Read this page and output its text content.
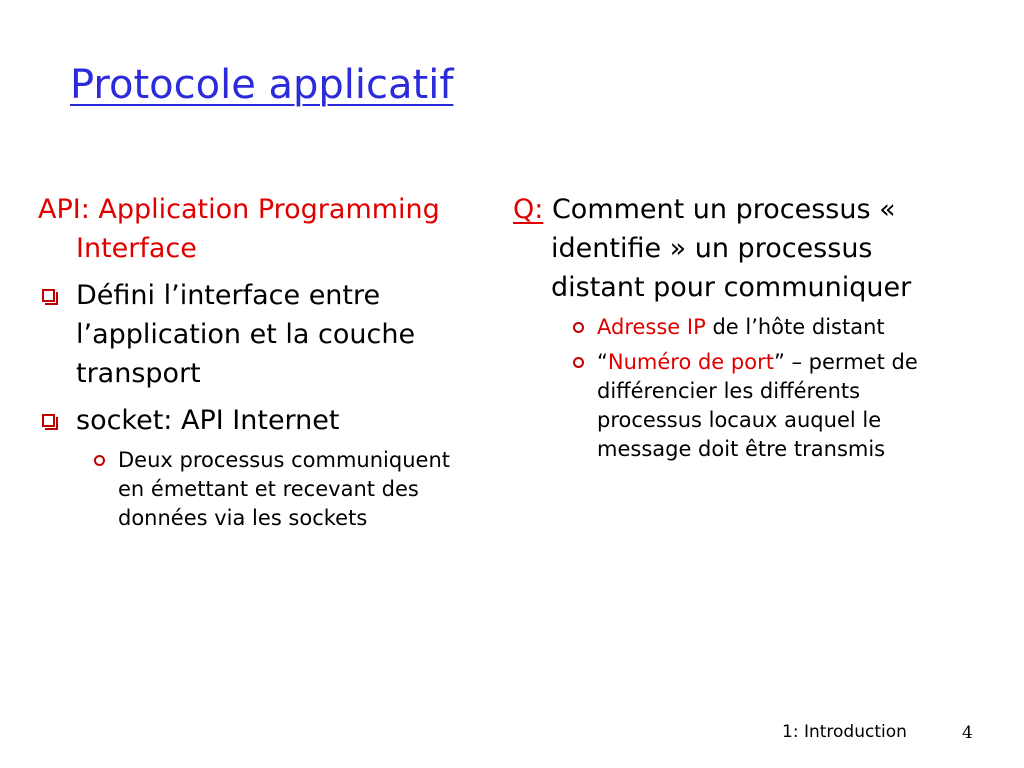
Protocole applicatif
API: Application Programming Interface
Défini l’interface entre l’application et la couche transport
socket: API Internet
Deux processus communiquent en émettant et recevant des données via les sockets
Q: Comment un processus « identifie » un processus distant pour communiquer
Adresse IP de l’hôte distant
“Numéro de port” – permet de différencier les différents processus locaux auquel le message doit être transmis
1: Introduction	4
